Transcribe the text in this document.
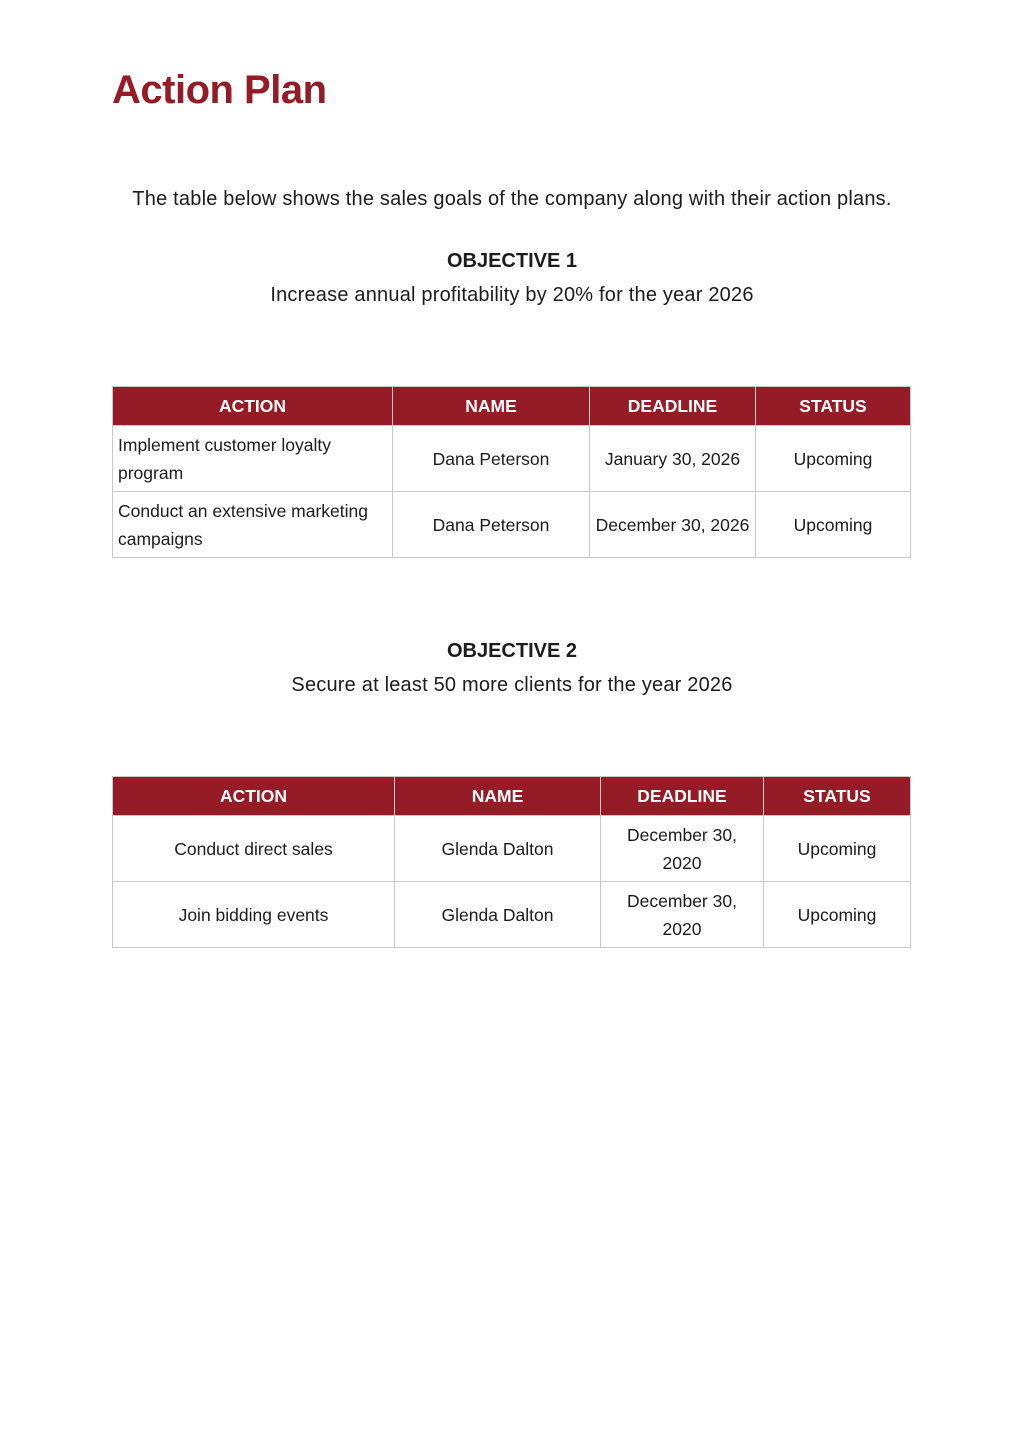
Action Plan

The table below shows the sales goals of the company along with their action plans.

OBJECTIVE 1
Increase annual profitability by 20% for the year 2026
ACTION	NAME	DEADLINE	STATUS
Implement customer loyalty program	Dana Peterson	January 30, 2026	Upcoming
Conduct an extensive marketing campaigns	Dana Peterson	December 30, 2026	Upcoming
OBJECTIVE 2
Secure at least 50 more clients for the year 2026
ACTION	NAME	DEADLINE	STATUS
Conduct direct sales	Glenda Dalton	December 30, 2020	Upcoming
Join bidding events	Glenda Dalton	December 30, 2020	Upcoming
